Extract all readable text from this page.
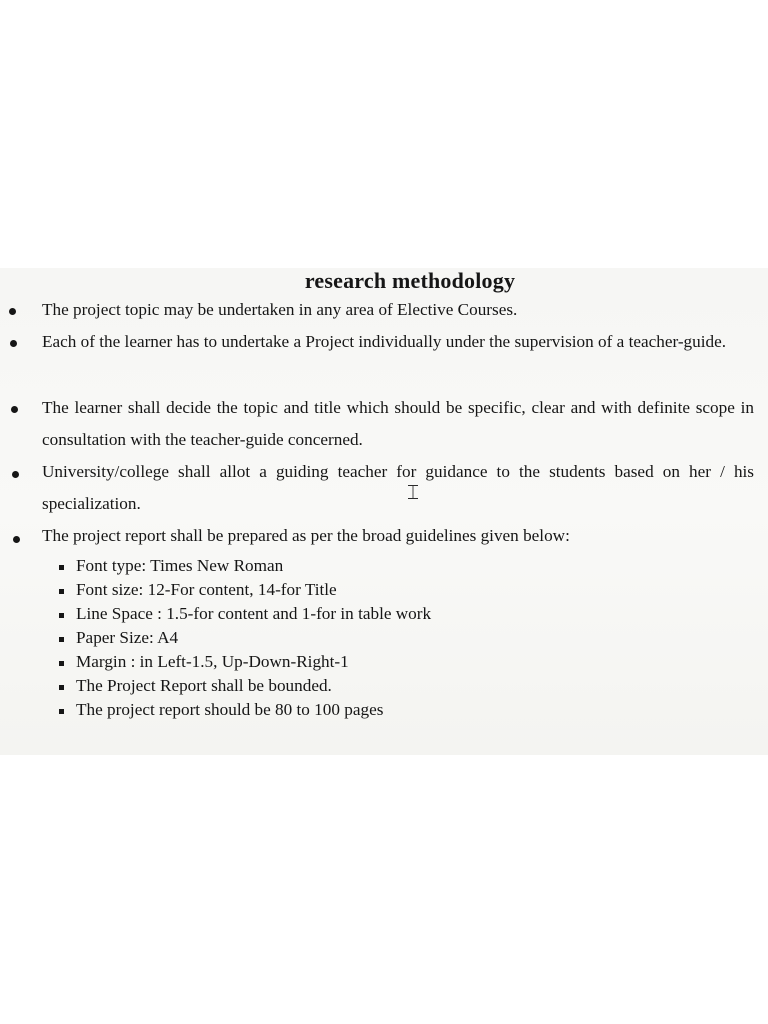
research methodology
The project topic may be undertaken in any area of Elective Courses.
Each of the learner has to undertake a Project individually under the supervision of a teacher-guide.
The learner shall decide the topic and title which should be specific, clear and with definite scope in consultation with the teacher-guide concerned.
University/college shall allot a guiding teacher for guidance to the students based on her / his specialization.
The project report shall be prepared as per the broad guidelines given below:
Font type: Times New Roman
Font size: 12-For content, 14-for Title
Line Space : 1.5-for content and 1-for in table work
Paper Size: A4
Margin : in Left-1.5, Up-Down-Right-1
The Project Report shall be bounded.
The project report should be 80 to 100 pages
⌶
